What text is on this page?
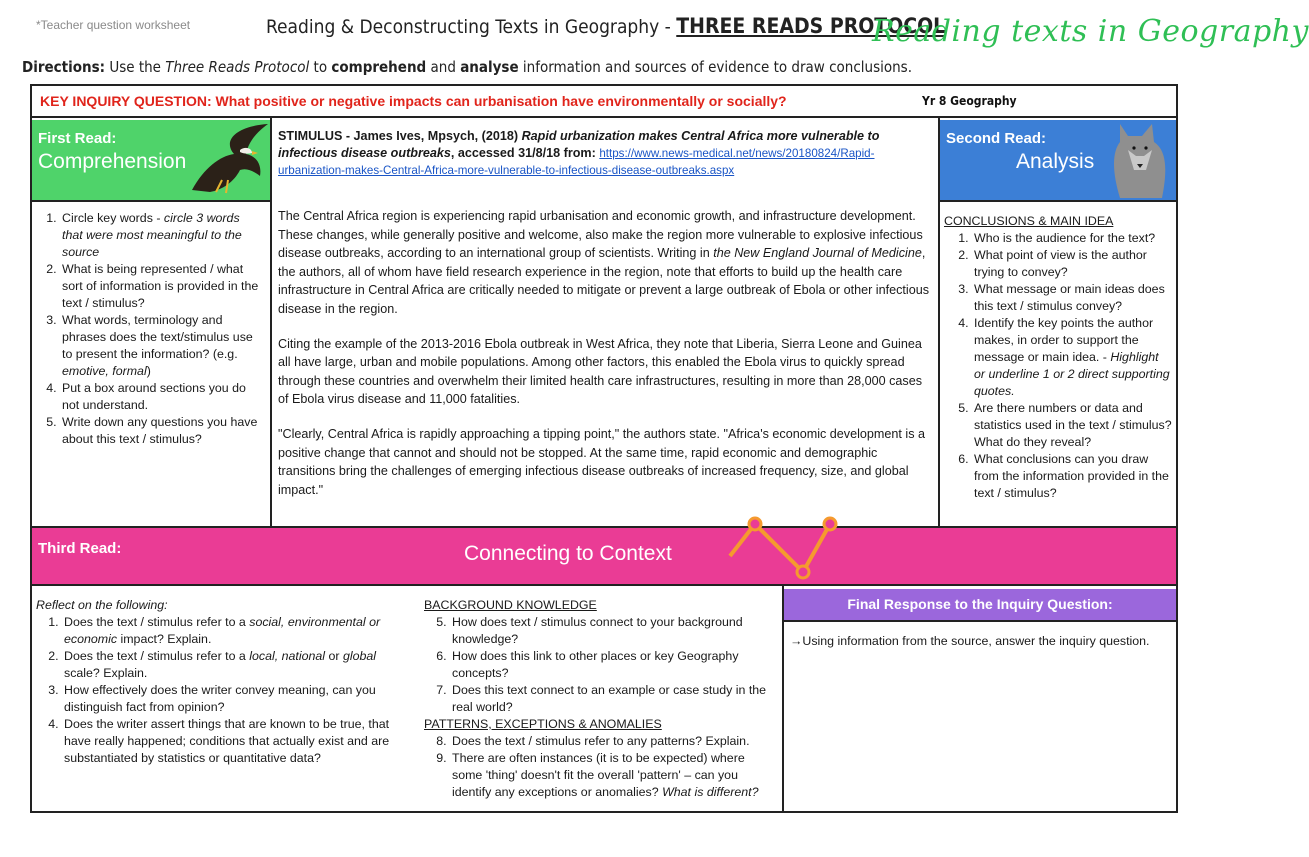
*Teacher question worksheet	Reading & Deconstructing Texts in Geography - THREE READS PROTOCOL
Reading texts in Geography
Directions: Use the Three Reads Protocol to comprehend and analyse information and sources of evidence to draw conclusions.
KEY INQUIRY QUESTION: What positive or negative impacts can urbanisation have environmentally or socially?	Yr 8 Geography
First Read:
Comprehension
Second Read:
Analysis
1. Circle key words - circle 3 words that were most meaningful to the source
2. What is being represented / what sort of information is provided in the text / stimulus?
3. What words, terminology and phrases does the text/stimulus use to present the information? (e.g. emotive, formal)
4. Put a box around sections you do not understand.
5. Write down any questions you have about this text / stimulus?
STIMULUS - James Ives, Mpsych, (2018) Rapid urbanization makes Central Africa more vulnerable to infectious disease outbreaks, accessed 31/8/18 from: https://www.news-medical.net/news/20180824/Rapid-urbanization-makes-Central-Africa-more-vulnerable-to-infectious-disease-outbreaks.aspx

The Central Africa region is experiencing rapid urbanisation and economic growth, and infrastructure development. These changes, while generally positive and welcome, also make the region more vulnerable to explosive infectious disease outbreaks, according to an international group of scientists. Writing in the New England Journal of Medicine, the authors, all of whom have field research experience in the region, note that efforts to build up the health care infrastructure in Central Africa are critically needed to mitigate or prevent a large outbreak of Ebola or other infectious disease in the region.

Citing the example of the 2013-2016 Ebola outbreak in West Africa, they note that Liberia, Sierra Leone and Guinea all have large, urban and mobile populations. Among other factors, this enabled the Ebola virus to quickly spread through these countries and overwhelm their limited health care infrastructures, resulting in more than 28,000 cases of Ebola virus disease and 11,000 fatalities.

"Clearly, Central Africa is rapidly approaching a tipping point," the authors state. "Africa's economic development is a positive change that cannot and should not be stopped. At the same time, rapid economic and demographic transitions bring the challenges of emerging infectious disease outbreaks of increased frequency, size, and global impact."

CONCLUSIONS & MAIN IDEA
1. Who is the audience for the text?
2. What point of view is the author trying to convey?
3. What message or main ideas does this text / stimulus convey?
4. Identify the key points the author makes, in order to support the message or main idea. - Highlight or underline 1 or 2 direct supporting quotes.
5. Are there numbers or data and statistics used in the text / stimulus? What do they reveal?
6. What conclusions can you draw from the information provided in the text / stimulus?
Third Read:	Connecting to Context
Reflect on the following:
1. Does the text / stimulus refer to a social, environmental or economic impact? Explain.
2. Does the text / stimulus refer to a local, national or global scale? Explain.
3. How effectively does the writer convey meaning, can you distinguish fact from opinion?
4. Does the writer assert things that are known to be true, that have really happened; conditions that actually exist and are substantiated by statistics or quantitative data?
BACKGROUND KNOWLEDGE
5. How does text / stimulus connect to your background knowledge?
6. How does this link to other places or key Geography concepts?
7. Does this text connect to an example or case study in the real world?
PATTERNS, EXCEPTIONS & ANOMALIES
8. Does the text / stimulus refer to any patterns? Explain.
9. There are often instances (it is to be expected) where some 'thing' doesn't fit the overall 'pattern' – can you identify any exceptions or anomalies? What is different?
Final Response to the Inquiry Question:
→Using information from the source, answer the inquiry question.
